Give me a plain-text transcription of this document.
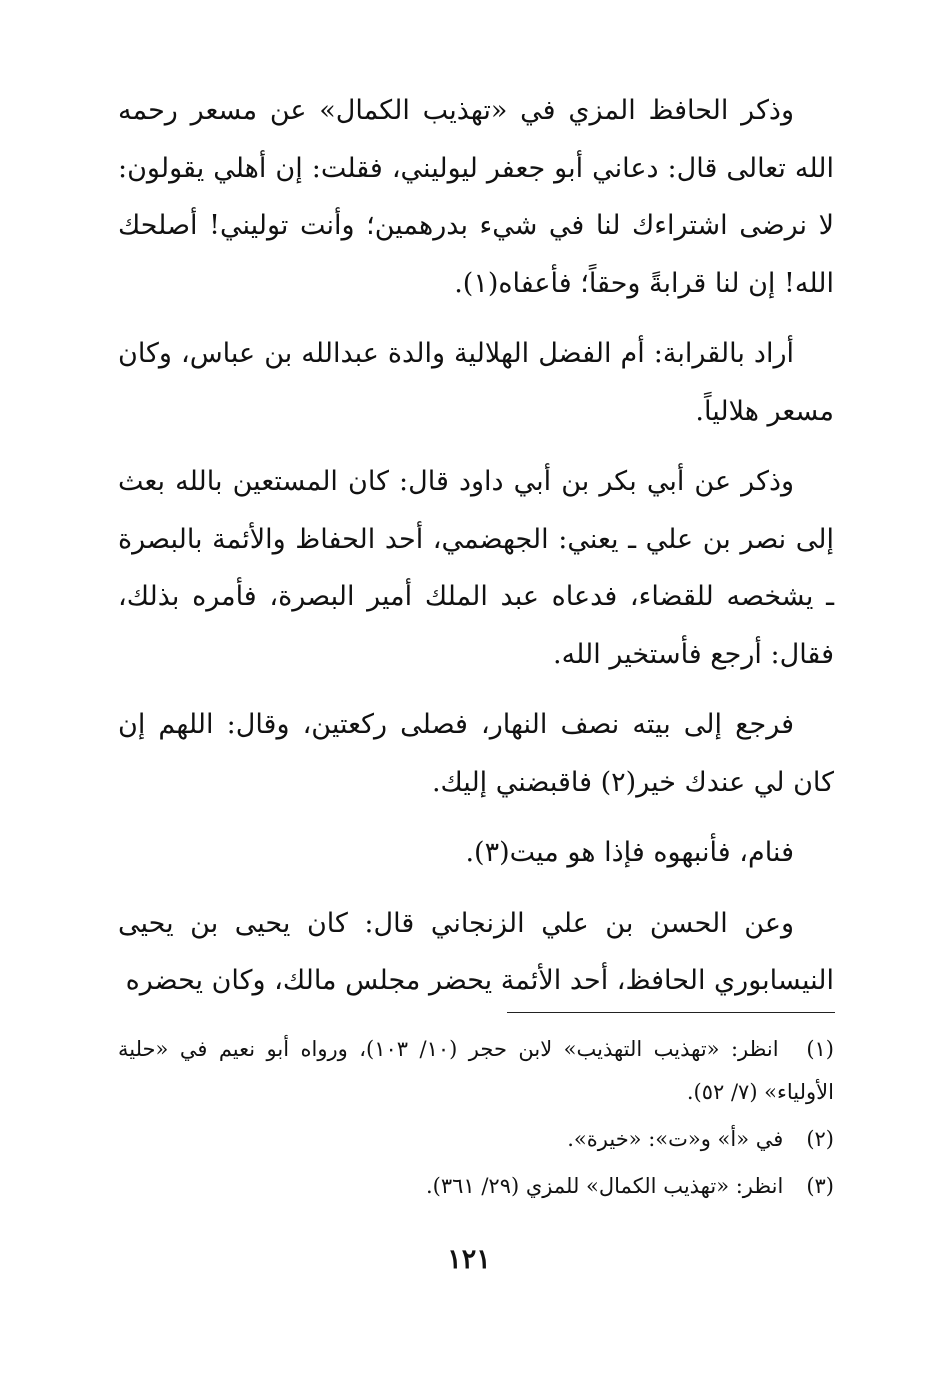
وذكر الحافظ المزي في «تهذيب الكمال» عن مسعر رحمه الله تعالى قال: دعاني أبو جعفر ليوليني، فقلت: إن أهلي يقولون: لا نرضى اشتراءك لنا في شيء بدرهمين؛ وأنت توليني! أصلحك الله! إن لنا قرابةً وحقاً؛ فأعفاه(١).

أراد بالقرابة: أم الفضل الهلالية والدة عبدالله بن عباس، وكان مسعر هلالياً.

وذكر عن أبي بكر بن أبي داود قال: كان المستعين بالله بعث إلى نصر بن علي ـ يعني: الجهضمي، أحد الحفاظ والأئمة بالبصرة ـ يشخصه للقضاء، فدعاه عبد الملك أمير البصرة، فأمره بذلك، فقال: أرجع فأستخير الله.

فرجع إلى بيته نصف النهار، فصلى ركعتين، وقال: اللهم إن كان لي عندك خير(٢) فاقبضني إليك.

فنام، فأنبهوه فإذا هو ميت(٣).

وعن الحسن بن علي الزنجاني قال: كان يحيى بن يحيى النيسابوري الحافظ، أحد الأئمة يحضر مجلس مالك، وكان يحضره

(١) انظر: «تهذيب التهذيب» لابن حجر (١٠/ ١٠٣)، ورواه أبو نعيم في «حلية الأولياء» (٧/ ٥٢).
(٢) في «أ» و«ت»: «خيرة».
(٣) انظر: «تهذيب الكمال» للمزي (٢٩/ ٣٦١).
١٢١
